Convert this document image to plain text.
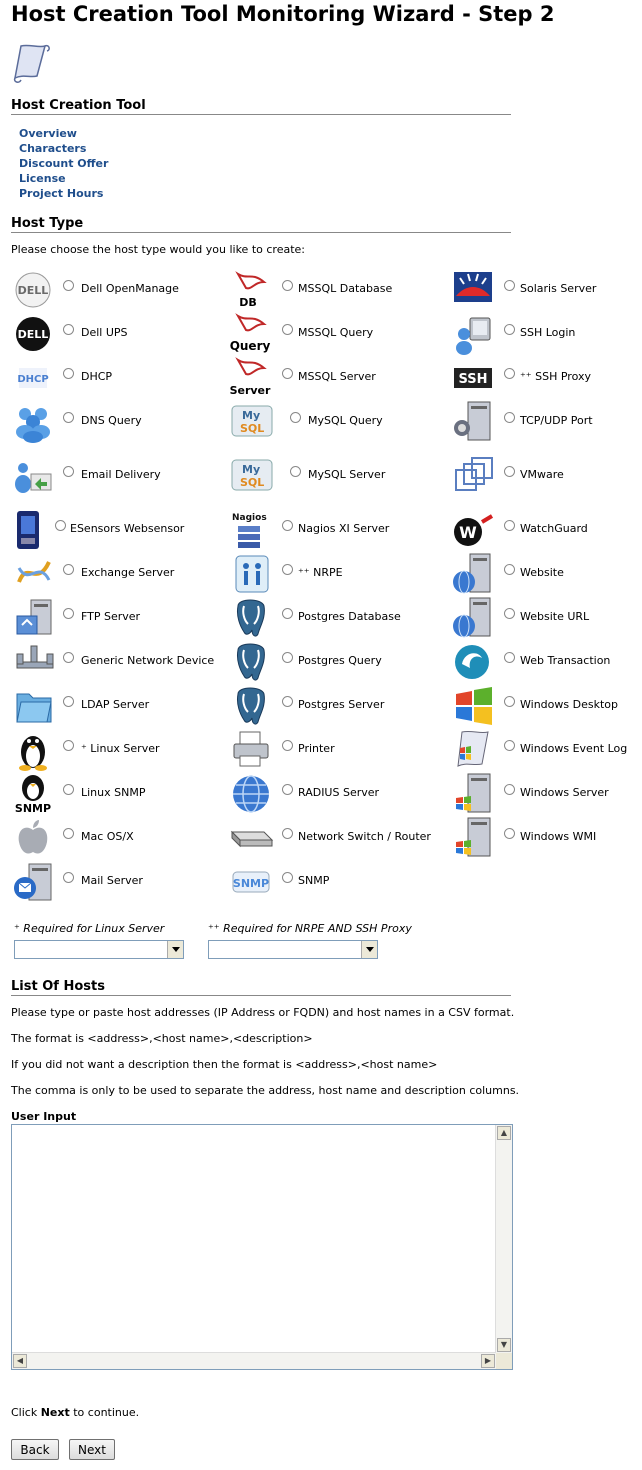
Host Creation Tool Monitoring Wizard - Step 2
Host Creation Tool
Overview
Characters
Discount Offer
License
Project Hours
Host Type

Please choose the host type would you like to create:

DELL	Dell OpenManage
DELL	Dell UPS
DHCP	DHCP
DNS Query
Email Delivery
ESensors Websensor
Exchange Server
FTP Server
Generic Network Device
LDAP Server
⁺ Linux Server
SNMP
Linux SNMP
Mac OS/X
Mail Server
DB
MSSQL Database
Query
MSSQL Query
Server
MSSQL Server
My
SQL
MySQL Query
My
SQL
MySQL Server
Nagios
Nagios XI Server
⁺⁺ NRPE
Postgres Database
Postgres Query
Postgres Server
Printer
RADIUS Server
Network Switch / Router
SNMP	SNMP
Solaris Server
SSH Login
SSH	⁺⁺ SSH Proxy
TCP/UDP Port
VMware
W	WatchGuard
Website
Website URL
Web Transaction
Windows Desktop
Windows Event Log
Windows Server
Windows WMI
⁺ Required for Linux Server	⁺⁺ Required for NRPE AND SSH Proxy
List Of Hosts

Please type or paste host addresses (IP Address or FQDN) and host names in a CSV format.

The format is <address>,<host name>,<description>

If you did not want a description then the format is <address>,<host name>

The comma is only to be used to separate the address, host name and description columns.

User Input
▲
▼
◀	▶

Click Next to continue.

Back	Next
